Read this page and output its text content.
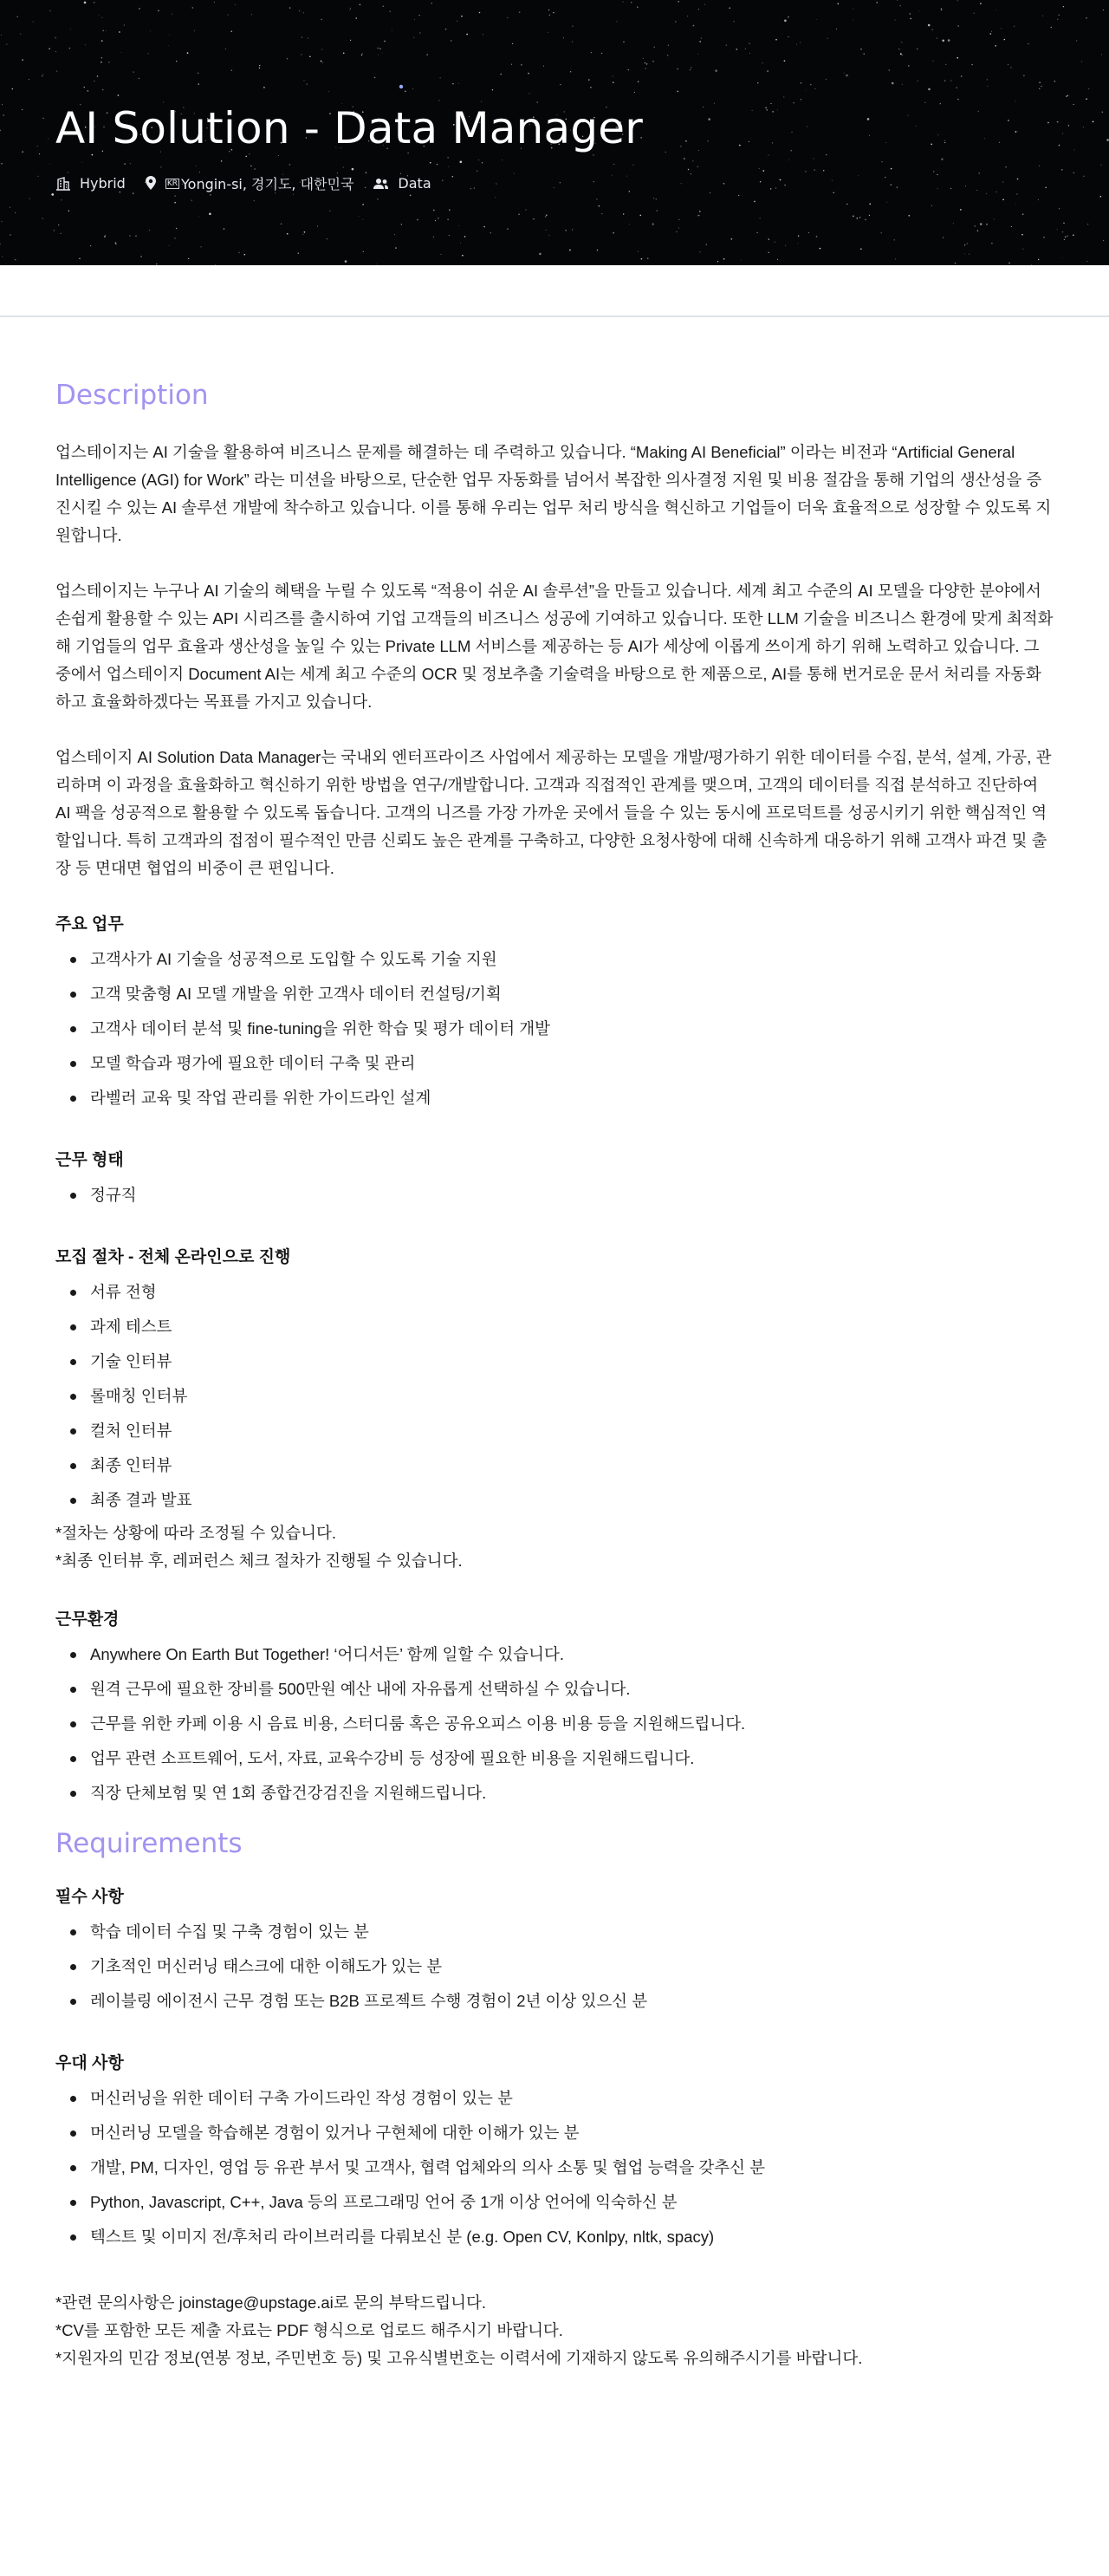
AI Solution - Data Manager
Hybrid	KR Yongin-si, 경기도, 대한민국	Data
Description

업스테이지는 AI 기술을 활용하여 비즈니스 문제를 해결하는 데 주력하고 있습니다. “Making AI Beneficial” 이라는 비전과 “Artificial General Intelligence (AGI) for Work” 라는 미션을 바탕으로, 단순한 업무 자동화를 넘어서 복잡한 의사결정 지원 및 비용 절감을 통해 기업의 생산성을 증진시킬 수 있는 AI 솔루션 개발에 착수하고 있습니다. 이를 통해 우리는 업무 처리 방식을 혁신하고 기업들이 더욱 효율적으로 성장할 수 있도록 지원합니다.

업스테이지는 누구나 AI 기술의 혜택을 누릴 수 있도록 “적용이 쉬운 AI 솔루션”을 만들고 있습니다. 세계 최고 수준의 AI 모델을 다양한 분야에서 손쉽게 활용할 수 있는 API 시리즈를 출시하여 기업 고객들의 비즈니스 성공에 기여하고 있습니다. 또한 LLM 기술을 비즈니스 환경에 맞게 최적화해 기업들의 업무 효율과 생산성을 높일 수 있는 Private LLM 서비스를 제공하는 등 AI가 세상에 이롭게 쓰이게 하기 위해 노력하고 있습니다. 그 중에서 업스테이지 Document AI는 세계 최고 수준의 OCR 및 정보추출 기술력을 바탕으로 한 제품으로, AI를 통해 번거로운 문서 처리를 자동화하고 효율화하겠다는 목표를 가지고 있습니다.

업스테이지 AI Solution Data Manager는 국내외 엔터프라이즈 사업에서 제공하는 모델을 개발/평가하기 위한 데이터를 수집, 분석, 설계, 가공, 관리하며 이 과정을 효율화하고 혁신하기 위한 방법을 연구/개발합니다. 고객과 직접적인 관계를 맺으며, 고객의 데이터를 직접 분석하고 진단하여 AI 팩을 성공적으로 활용할 수 있도록 돕습니다. 고객의 니즈를 가장 가까운 곳에서 들을 수 있는 동시에 프로덕트를 성공시키기 위한 핵심적인 역할입니다. 특히 고객과의 접점이 필수적인 만큼 신뢰도 높은 관계를 구축하고, 다양한 요청사항에 대해 신속하게 대응하기 위해 고객사 파견 및 출장 등 면대면 협업의 비중이 큰 편입니다.

주요 업무
고객사가 AI 기술을 성공적으로 도입할 수 있도록 기술 지원
고객 맞춤형 AI 모델 개발을 위한 고객사 데이터 컨설팅/기획
고객사 데이터 분석 및 fine-tuning을 위한 학습 및 평가 데이터 개발
모델 학습과 평가에 필요한 데이터 구축 및 관리
라벨러 교육 및 작업 관리를 위한 가이드라인 설계
근무 형태
정규직
모집 절차 - 전체 온라인으로 진행
서류 전형
과제 테스트
기술 인터뷰
롤매칭 인터뷰
컬처 인터뷰
최종 인터뷰
최종 결과 발표

*절차는 상황에 따라 조정될 수 있습니다.

*최종 인터뷰 후, 레퍼런스 체크 절차가 진행될 수 있습니다.

근무환경
Anywhere On Earth But Together! ‘어디서든’ 함께 일할 수 있습니다.
원격 근무에 필요한 장비를 500만원 예산 내에 자유롭게 선택하실 수 있습니다.
근무를 위한 카페 이용 시 음료 비용, 스터디룸 혹은 공유오피스 이용 비용 등을 지원해드립니다.
업무 관련 소프트웨어, 도서, 자료, 교육수강비 등 성장에 필요한 비용을 지원해드립니다.
직장 단체보험 및 연 1회 종합건강검진을 지원해드립니다.
Requirements
필수 사항
학습 데이터 수집 및 구축 경험이 있는 분
기초적인 머신러닝 태스크에 대한 이해도가 있는 분
레이블링 에이전시 근무 경험 또는 B2B 프로젝트 수행 경험이 2년 이상 있으신 분
우대 사항
머신러닝을 위한 데이터 구축 가이드라인 작성 경험이 있는 분
머신러닝 모델을 학습해본 경험이 있거나 구현체에 대한 이해가 있는 분
개발, PM, 디자인, 영업 등 유관 부서 및 고객사, 협력 업체와의 의사 소통 및 협업 능력을 갖추신 분
Python, Javascript, C++, Java 등의 프로그래밍 언어 중 1개 이상 언어에 익숙하신 분
텍스트 및 이미지 전/후처리 라이브러리를 다뤄보신 분 (e.g. Open CV, Konlpy, nltk, spacy)

*관련 문의사항은 joinstage@upstage.ai로 문의 부탁드립니다.

*CV를 포함한 모든 제출 자료는 PDF 형식으로 업로드 해주시기 바랍니다.

*지원자의 민감 정보(연봉 정보, 주민번호 등) 및 고유식별번호는 이력서에 기재하지 않도록 유의해주시기를 바랍니다.
